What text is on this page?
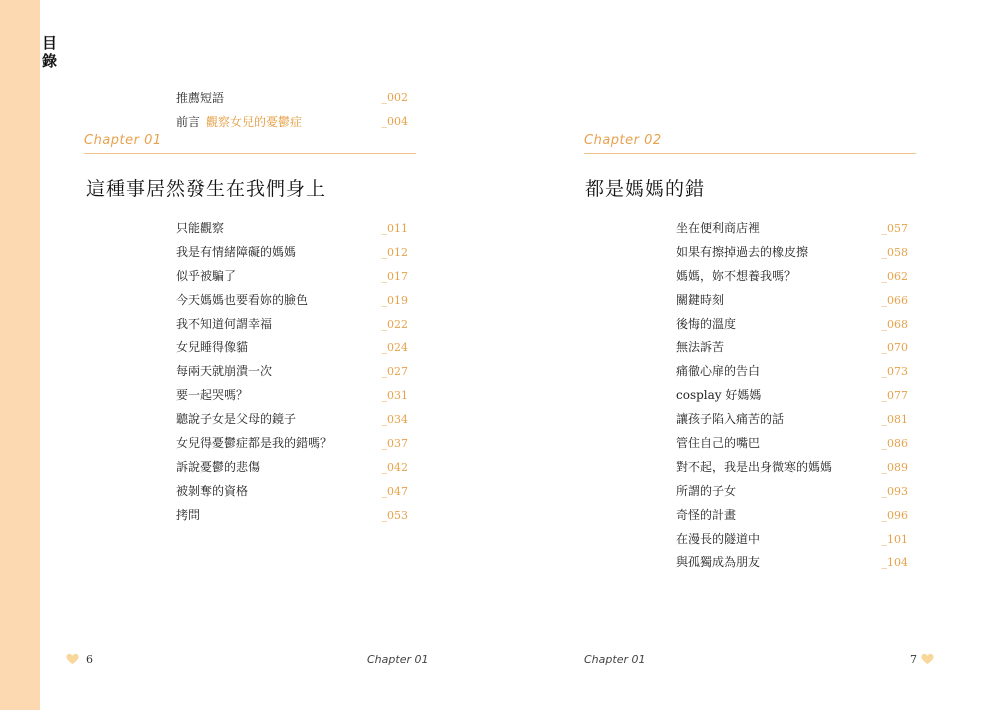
目錄
推薦短語	_002
前言 觀察女兒的憂鬱症	_004
Chapter 01
這種事居然發生在我們身上
只能觀察	_011
我是有情緒障礙的媽媽	_012
似乎被騙了	_017
今天媽媽也要看妳的臉色	_019
我不知道何謂幸福	_022
女兒睡得像貓	_024
每兩天就崩潰一次	_027
要一起哭嗎？	_031
聽說子女是父母的鏡子	_034
女兒得憂鬱症都是我的錯嗎？	_037
訴說憂鬱的悲傷	_042
被剝奪的資格	_047
拷問	_053
Chapter 02
都是媽媽的錯
坐在便利商店裡	_057
如果有擦掉過去的橡皮擦	_058
媽媽，妳不想養我嗎？	_062
關鍵時刻	_066
後悔的溫度	_068
無法訴苦	_070
痛徹心扉的告白	_073
cosplay 好媽媽	_077
讓孩子陷入痛苦的話	_081
管住自己的嘴巴	_086
對不起，我是出身微寒的媽媽	_089
所謂的子女	_093
奇怪的計畫	_096
在漫長的隧道中	_101
與孤獨成為朋友	_104
6	Chapter 01	Chapter 01	7
